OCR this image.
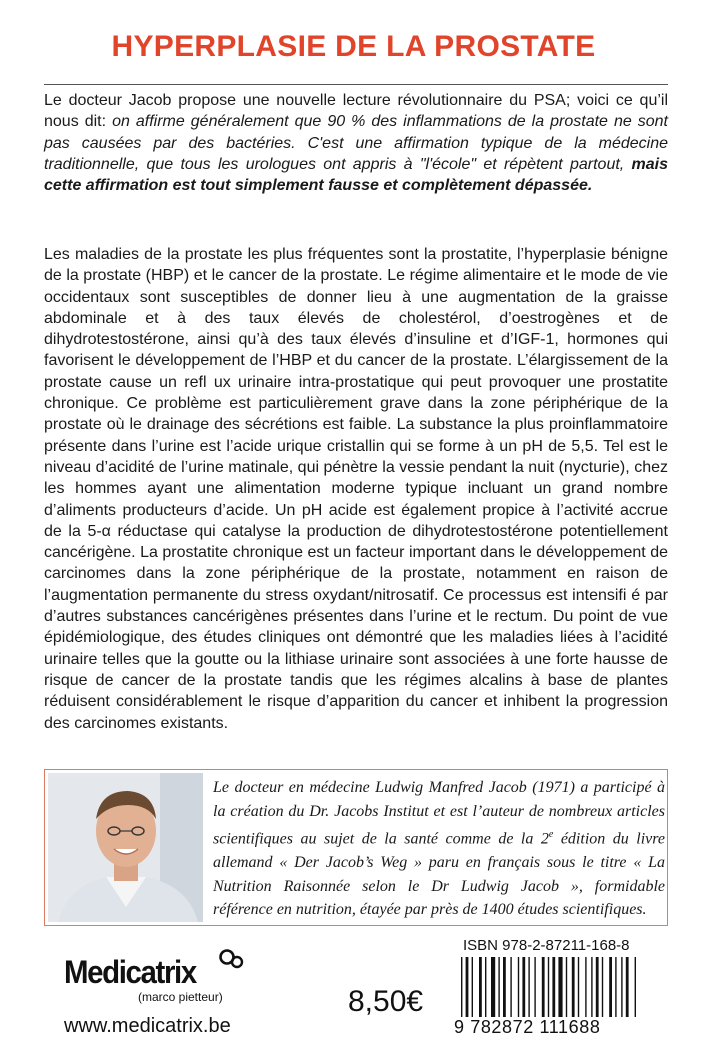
HYPERPLASIE DE LA PROSTATE

Le docteur Jacob propose une nouvelle lecture révolutionnaire du PSA; voici ce qu’il nous dit: on affirme généralement que 90 % des inflammations de la prostate ne sont pas causées par des bactéries. C'est une affirmation typique de la médecine traditionnelle, que tous les urologues ont appris à "l'école" et répètent partout, mais cette affirmation est tout simplement fausse et complètement dépassée.

Les maladies de la prostate les plus fréquentes sont la prostatite, l’hyperplasie bénigne de la prostate (HBP) et le cancer de la prostate. Le régime alimentaire et le mode de vie occidentaux sont susceptibles de donner lieu à une augmentation de la graisse abdominale et à des taux élevés de cholestérol, d’oestrogènes et de dihydrotestostérone, ainsi qu’à des taux élevés d’insuline et d’IGF-1, hormones qui favorisent le développement de l’HBP et du cancer de la prostate. L’élargissement de la prostate cause un refl ux urinaire intra-prostatique qui peut provoquer une prostatite chronique. Ce problème est particulièrement grave dans la zone périphérique de la prostate où le drainage des sécrétions est faible. La substance la plus proinflammatoire présente dans l’urine est l’acide urique cristallin qui se forme à un pH de 5,5. Tel est le niveau d’acidité de l’urine matinale, qui pénètre la vessie pendant la nuit (nycturie), chez les hommes ayant une alimentation moderne typique incluant un grand nombre d’aliments producteurs d’acide. Un pH acide est également propice à l’activité accrue de la 5-α réductase qui catalyse la production de dihydrotestostérone potentiellement cancérigène. La prostatite chronique est un facteur important dans le développement de carcinomes dans la zone périphérique de la prostate, notamment en raison de l’augmentation permanente du stress oxydant/nitrosatif. Ce processus est intensifi é par d’autres substances cancérigènes présentes dans l’urine et le rectum. Du point de vue épidémiologique, des études cliniques ont démontré que les maladies liées à l’acidité urinaire telles que la goutte ou la lithiase urinaire sont associées à une forte hausse de risque de cancer de la prostate tandis que les régimes alcalins à base de plantes réduisent considérablement le risque d’apparition du cancer et inhibent la progression des carcinomes existants.

Le docteur en médecine Ludwig Manfred Jacob (1971) a participé à la création du Dr. Jacobs Institut et est l’auteur de nombreux articles scientifiques au sujet de la santé comme de la 2e édition du livre allemand « Der Jacob’s Weg » paru en français sous le titre « La Nutrition Raisonnée selon le Dr Ludwig Jacob », formidable référence en nutrition, étayée par près de 1400 études scientifiques.

Medicatrix
(marco pietteur)
www.medicatrix.be
8,50€
ISBN 978-2-87211-168-8
9 782872 111688
